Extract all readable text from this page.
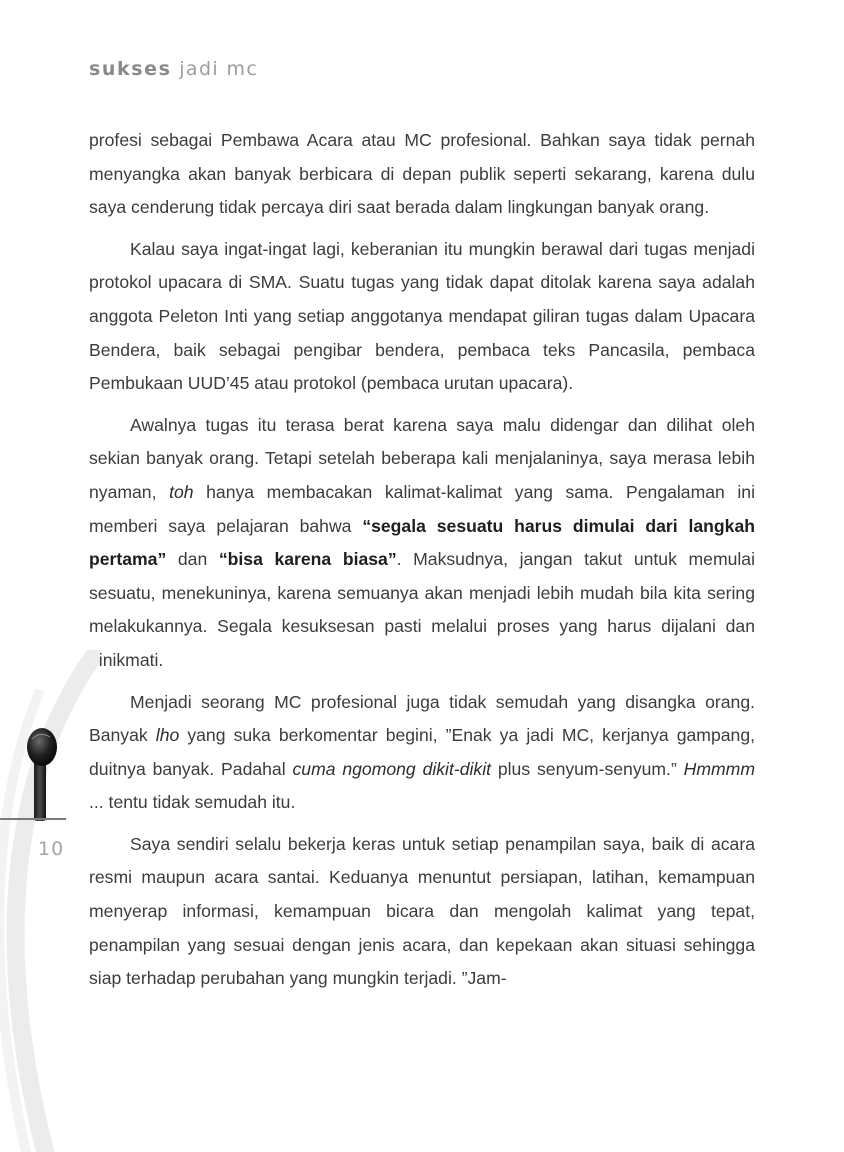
sukses jadi mc

profesi sebagai Pembawa Acara atau MC profesional. Bahkan saya tidak pernah menyangka akan banyak berbicara di depan publik seperti sekarang, karena dulu saya cenderung tidak percaya diri saat berada dalam lingkungan banyak orang.

Kalau saya ingat-ingat lagi, keberanian itu mungkin berawal dari tugas menjadi protokol upacara di SMA. Suatu tugas yang tidak dapat ditolak karena saya adalah anggota Peleton Inti yang setiap anggotanya mendapat giliran tugas dalam Upacara Bendera, baik sebagai pengibar bendera, pembaca teks Pancasila, pembaca Pembukaan UUD’45 atau protokol (pembaca urutan upacara).

Awalnya tugas itu terasa berat karena saya malu didengar dan dilihat oleh sekian banyak orang. Tetapi setelah beberapa kali menjalaninya, saya merasa lebih nyaman, toh hanya membacakan kalimat-kalimat yang sama. Pengalaman ini memberi saya pelajaran bahwa “segala sesuatu harus dimulai dari langkah pertama” dan “bisa karena biasa”. Maksudnya, jangan takut untuk memulai sesuatu, menekuninya, karena semuanya akan menjadi lebih mudah bila kita sering melakukannya. Segala kesuksesan pasti melalui proses yang harus dijalani dan dinikmati.

Menjadi seorang MC profesional juga tidak semudah yang disangka orang. Banyak lho yang suka berkomentar begini, ”Enak ya jadi MC, kerjanya gampang, duitnya banyak. Padahal cuma ngomong dikit-dikit plus senyum-senyum.” Hmmmm ... tentu tidak semudah itu.

Saya sendiri selalu bekerja keras untuk setiap penampilan saya, baik di acara resmi maupun acara santai. Keduanya menuntut persiapan, latihan, kemampuan menyerap informasi, kemampuan bicara dan mengolah kalimat yang tepat, penampilan yang sesuai dengan jenis acara, dan kepekaan akan situasi sehingga siap terhadap perubahan yang mungkin terjadi. ”Jam-

10
